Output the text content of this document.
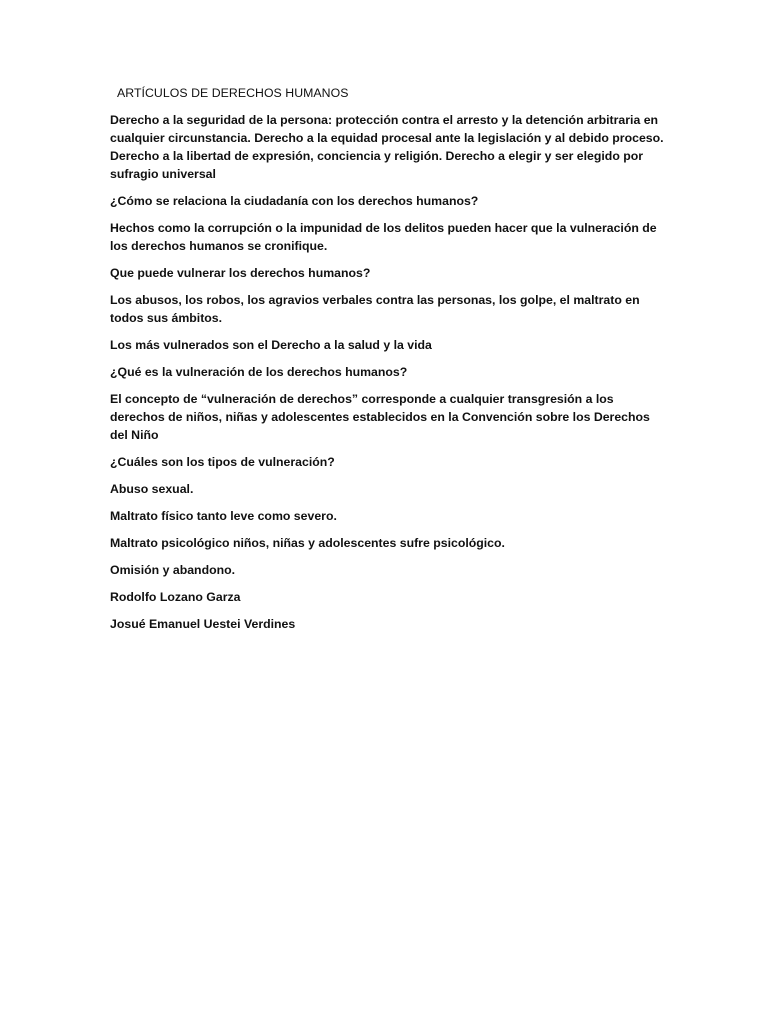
ARTÍCULOS DE DERECHOS HUMANOS

Derecho a la seguridad de la persona: protección contra el arresto y la detención arbitraria en cualquier circunstancia. Derecho a la equidad procesal ante la legislación y al debido proceso. Derecho a la libertad de expresión, conciencia y religión. Derecho a elegir y ser elegido por sufragio universal

¿Cómo se relaciona la ciudadanía con los derechos humanos?

Hechos como la corrupción o la impunidad de los delitos pueden hacer que la vulneración de los derechos humanos se cronifique.

Que puede vulnerar los derechos humanos?

Los abusos, los robos, los agravios verbales contra las personas, los golpe, el maltrato en todos sus ámbitos.

Los más vulnerados son el Derecho a la salud y la vida

¿Qué es la vulneración de los derechos humanos?

El concepto de “vulneración de derechos” corresponde a cualquier transgresión a los derechos de niños, niñas y adolescentes establecidos en la Convención sobre los Derechos del Niño

¿Cuáles son los tipos de vulneración?

Abuso sexual.

Maltrato físico tanto leve como severo.

Maltrato psicológico niños, niñas y adolescentes sufre psicológico.

Omisión y abandono.

Rodolfo Lozano Garza

Josué Emanuel Uestei Verdines
